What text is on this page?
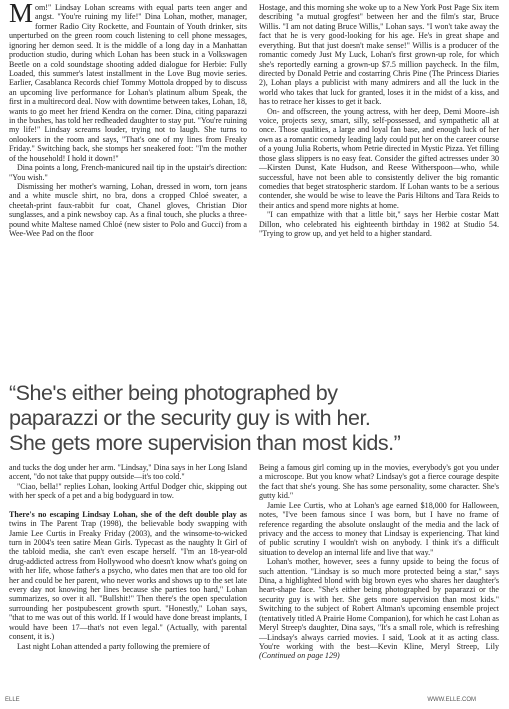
Mom!" Lindsay Lohan screams with equal parts teen anger and angst. "You're ruining my life!" Dina Lohan, mother, manager, former Radio City Rockette, and Fountain of Youth drinker, sits unperturbed on the green room couch listening to cell phone messages, ignoring her demon seed. It is the middle of a long day in a Manhattan production studio, during which Lohan has been stuck in a Volkswagen Beetle on a cold soundstage shooting added dialogue for Herbie: Fully Loaded, this summer's latest installment in the Love Bug movie series. Earlier, Casablanca Records chief Tommy Mottola dropped by to discuss an upcoming live performance for Lohan's platinum album Speak, the first in a multirecord deal. Now with downtime between takes, Lohan, 18, wants to go meet her friend Kendra on the corner. Dina, citing paparazzi in the bushes, has told her redheaded daughter to stay put. "You're ruining my life!" Lindsay screams louder, trying not to laugh. She turns to onlookers in the room and says, "That's one of my lines from Freaky Friday." Switching back, she stomps her sneakered foot: "I'm the mother of the household! I hold it down!"

Dina points a long, French-manicured nail tip in the upstair's direction: "You wish."

Dismissing her mother's warning, Lohan, dressed in worn, torn jeans and a white muscle shirt, no bra, dons a cropped Chloé sweater, a cheetah-print faux-rabbit fur coat, Chanel gloves, Christian Dior sunglasses, and a pink newsboy cap. As a final touch, she plucks a three-pound white Maltese named Chloé (new sister to Polo and Gucci) from a Wee-Wee Pad on the floor

Hostage, and this morning she woke up to a New York Post Page Six item describing "a mutual grogfest" between her and the film's star, Bruce Willis. "I am not dating Bruce Willis," Lohan says. "I won't take away the fact that he is very good-looking for his age. He's in great shape and everything. But that just doesn't make sense!" Willis is a producer of the romantic comedy Just My Luck, Lohan's first grown-up role, for which she's reportedly earning a grown-up $7.5 million paycheck. In the film, directed by Donald Petrie and costarring Chris Pine (The Princess Diaries 2), Lohan plays a publicist with many admirers and all the luck in the world who takes that luck for granted, loses it in the midst of a kiss, and has to retrace her kisses to get it back.

On- and offscreen, the young actress, with her deep, Demi Moore–ish voice, projects sexy, smart, silly, self-possessed, and sympathetic all at once. Those qualities, a large and loyal fan base, and enough luck of her own as a romantic comedy leading lady could put her on the career course of a young Julia Roberts, whom Petrie directed in Mystic Pizza. Yet filling those glass slippers is no easy feat. Consider the gifted actresses under 30—Kirsten Dunst, Kate Hudson, and Reese Witherspoon—who, while successful, have not been able to consistently deliver the big romantic comedies that beget stratospheric stardom. If Lohan wants to be a serious contender, she would be wise to leave the Paris Hiltons and Tara Reids to their antics and spend more nights at home.

"I can empathize with that a little bit," says her Herbie costar Matt Dillon, who celebrated his eighteenth birthday in 1982 at Studio 54. "Trying to grow up, and yet held to a higher standard.

“She's either being photographed by
paparazzi or the security guy is with her.
She gets more supervision than most kids.”

and tucks the dog under her arm. "Lindsay," Dina says in her Long Island accent, "do not take that puppy outside—it's too cold."

"Ciao, bella!" replies Lohan, looking Artful Dodger chic, skipping out with her speck of a pet and a big bodyguard in tow.

There's no escaping Lindsay Lohan, she of the deft double play as twins in The Parent Trap (1998), the believable body swapping with Jamie Lee Curtis in Freaky Friday (2003), and the winsome-to-wicked turn in 2004's teen satire Mean Girls. Typecast as the naughty It Girl of the tabloid media, she can't even escape herself. "I'm an 18-year-old drug-addicted actress from Hollywood who doesn't know what's going on with her life, whose father's a psycho, who dates men that are too old for her and could be her parent, who never works and shows up to the set late every day not knowing her lines because she parties too hard," Lohan summarizes, so over it all. "Bullshit!" Then there's the open speculation surrounding her postpubescent growth spurt. "Honestly," Lohan says, "that to me was out of this world. If I would have done breast implants, I would have been 17—that's not even legal." (Actually, with parental consent, it is.)

Last night Lohan attended a party following the premiere of

Being a famous girl coming up in the movies, everybody's got you under a microscope. But you know what? Lindsay's got a fierce courage despite the fact that she's young. She has some personality, some character. She's gutty kid."

Jamie Lee Curtis, who at Lohan's age earned $18,000 for Halloween, notes, "I've been famous since I was born, but I have no frame of reference regarding the absolute onslaught of the media and the lack of privacy and the access to money that Lindsay is experiencing. That kind of public scrutiny I wouldn't wish on anybody. I think it's a difficult situation to develop an internal life and live that way."

Lohan's mother, however, sees a funny upside to being the focus of such attention. "Lindsay is so much more protected being a star," says Dina, a highlighted blond with big brown eyes who shares her daughter's heart-shape face. "She's either being photographed by paparazzi or the security guy is with her. She gets more supervision than most kids." Switching to the subject of Robert Altman's upcoming ensemble project (tentatively titled A Prairie Home Companion), for which he cast Lohan as Meryl Streep's daughter, Dina says, "It's a small role, which is refreshing—Lindsay's always carried movies. I said, 'Look at it as acting class. You're working with the best—Kevin Kline, Meryl Streep, Lily (Continued on page 129)

ELLE	WWW.ELLE.COM
